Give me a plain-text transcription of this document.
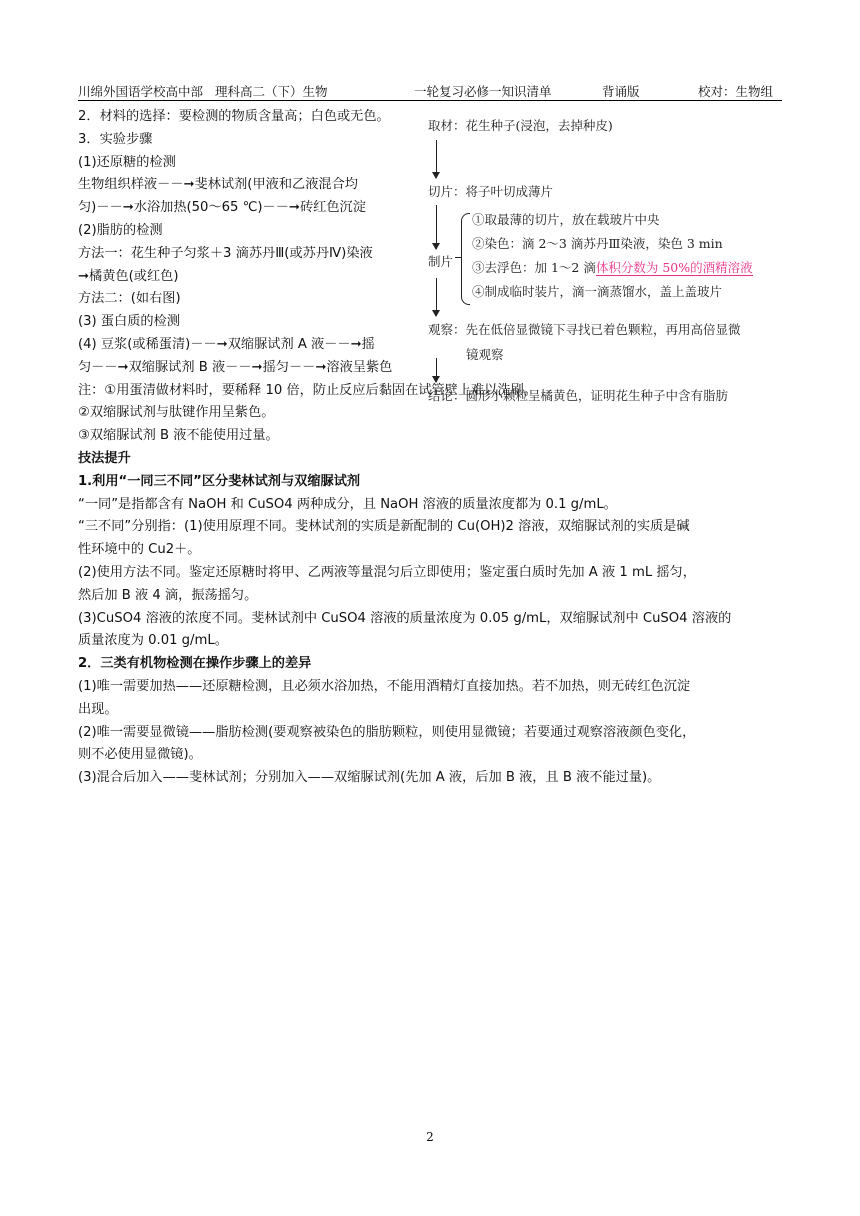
川绵外国语学校高中部 理科高二（下）生物	一轮复习必修一知识清单	背诵版	校对：生物组
2．材料的选择：要检测的物质含量高；白色或无色。
3．实验步骤
(1)还原糖的检测
生物组织样液－－➞斐林试剂(甲液和乙液混合均
匀)－－➞水浴加热(50～65 ℃)－－➞砖红色沉淀
(2)脂肪的检测
方法一：花生种子匀浆＋3 滴苏丹Ⅲ(或苏丹Ⅳ)染液
➞橘黄色(或红色)
方法二：(如右图)
(3) 蛋白质的检测
(4) 豆浆(或稀蛋清)－－➞双缩脲试剂 A 液－－➞摇
匀－－➞双缩脲试剂 B 液－－➞摇匀－－➞溶液呈紫色
注：①用蛋清做材料时，要稀释 10 倍，防止反应后黏固在试管壁上难以洗刷。
②双缩脲试剂与肽键作用呈紫色。
③双缩脲试剂 B 液不能使用过量。
技法提升
1.利用“一同三不同”区分斐林试剂与双缩脲试剂
“一同”是指都含有 NaOH 和 CuSO4 两种成分，且 NaOH 溶液的质量浓度都为 0.1 g/mL。
“三不同”分别指：(1)使用原理不同。斐林试剂的实质是新配制的 Cu(OH)2 溶液，双缩脲试剂的实质是碱
性环境中的 Cu2＋。
(2)使用方法不同。鉴定还原糖时将甲、乙两液等量混匀后立即使用；鉴定蛋白质时先加 A 液 1 mL 摇匀，
然后加 B 液 4 滴，振荡摇匀。
(3)CuSO4 溶液的浓度不同。斐林试剂中 CuSO4 溶液的质量浓度为 0.05 g/mL，双缩脲试剂中 CuSO4 溶液的
质量浓度为 0.01 g/mL。
2．三类有机物检测在操作步骤上的差异
(1)唯一需要加热——还原糖检测，且必须水浴加热，不能用酒精灯直接加热。若不加热，则无砖红色沉淀
出现。
(2)唯一需要显微镜——脂肪检测(要观察被染色的脂肪颗粒，则使用显微镜；若要通过观察溶液颜色变化，
则不必使用显微镜)。
(3)混合后加入——斐林试剂；分别加入——双缩脲试剂(先加 A 液，后加 B 液，且 B 液不能过量)。
取材：花生种子(浸泡，去掉种皮)
切片：将子叶切成薄片
制片
①取最薄的切片，放在载玻片中央
②染色：滴 2～3 滴苏丹Ⅲ染液，染色 3 min
③去浮色：加 1～2 滴体积分数为 50%的酒精溶液
④制成临时装片，滴一滴蒸馏水，盖上盖玻片
观察：先在低倍显微镜下寻找已着色颗粒，再用高倍显微
镜观察
结论：圆形小颗粒呈橘黄色，证明花生种子中含有脂肪
2
